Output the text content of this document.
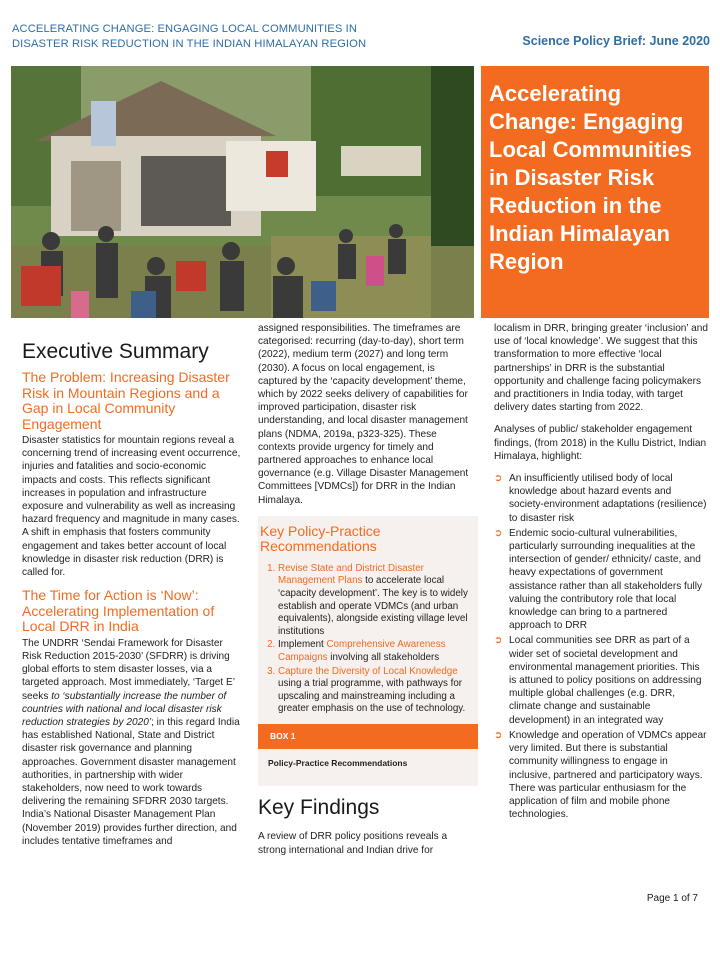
ACCELERATING CHANGE: ENGAGING LOCAL COMMUNITIES IN DISASTER RISK REDUCTION IN THE INDIAN HIMALAYAN REGION	Science Policy Brief: June 2020
Accelerating Change: Engaging Local Communities in Disaster Risk Reduction in the Indian Himalayan Region
Executive Summary
The Problem: Increasing Disaster Risk in Mountain Regions and a Gap in Local Community Engagement

Disaster statistics for mountain regions reveal a concerning trend of increasing event occurrence, injuries and fatalities and socio-economic impacts and costs. This reflects significant increases in population and infrastructure exposure and vulnerability as well as increasing hazard frequency and magnitude in many cases. A shift in emphasis that fosters community engagement and takes better account of local knowledge in disaster risk reduction (DRR) is called for.

The Time for Action is ‘Now’: Accelerating Implementation of Local DRR in India

The UNDRR ‘Sendai Framework for Disaster Risk Reduction 2015-2030’ (SFDRR) is driving global efforts to stem disaster losses, via a targeted approach. Most immediately, ‘Target E’ seeks to ‘substantially increase the number of countries with national and local disaster risk reduction strategies by 2020’; in this regard India has established National, State and District disaster risk governance and planning approaches. Government disaster management authorities, in partnership with wider stakeholders, now need to work towards delivering the remaining SFDRR 2030 targets. India’s National Disaster Management Plan (November 2019) provides further direction, and includes tentative timeframes and

assigned responsibilities. The timeframes are categorised: recurring (day-to-day), short term (2022), medium term (2027) and long term (2030). A focus on local engagement, is captured by the ‘capacity development’ theme, which by 2022 seeks delivery of capabilities for improved participation, disaster risk understanding, and local disaster management plans (NDMA, 2019a, p323-325). These contexts provide urgency for timely and partnered approaches to enhance local governance (e.g. Village Disaster Management Committees [VDMCs]) for DRR in the Indian Himalaya.

Key Policy-Practice Recommendations
1. Revise State and District Disaster Management Plans to accelerate local ‘capacity development’. The key is to widely establish and operate VDMCs (and urban equivalents), alongside existing village level institutions
2. Implement Comprehensive Awareness Campaigns involving all stakeholders
3. Capture the Diversity of Local Knowledge using a trial programme, with pathways for upscaling and mainstreaming including a greater emphasis on the use of technology.
BOX 1
Policy-Practice Recommendations
Key Findings

A review of DRR policy positions reveals a strong international and Indian drive for

localism in DRR, bringing greater ‘inclusion’ and use of ‘local knowledge’. We suggest that this transformation to more effective ‘local partnerships’ in DRR is the substantial opportunity and challenge facing policymakers and practitioners in India today, with target delivery dates starting from 2022.

Analyses of public/ stakeholder engagement findings, (from 2018) in the Kullu District, Indian Himalaya, highlight:

➲ An insufficiently utilised body of local knowledge about hazard events and society-environment adaptations (resilience) to disaster risk
➲ Endemic socio-cultural vulnerabilities, particularly surrounding inequalities at the intersection of gender/ ethnicity/ caste, and heavy expectations of government assistance rather than all stakeholders fully valuing the contributory role that local knowledge can bring to a partnered approach to DRR
➲ Local communities see DRR as part of a wider set of societal development and environmental management priorities. This is attuned to policy positions on addressing multiple global challenges (e.g. DRR, climate change and sustainable development) in an integrated way
➲ Knowledge and operation of VDMCs appear very limited. But there is substantial community willingness to engage in inclusive, partnered and participatory ways. There was particular enthusiasm for the application of film and mobile phone technologies.
Page 1 of 7
